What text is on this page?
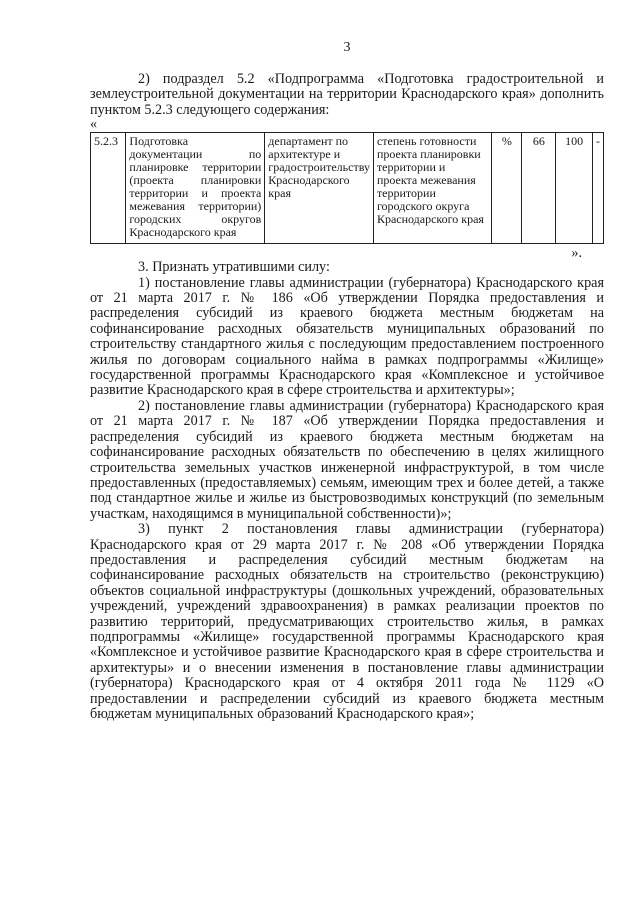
3

2) подраздел 5.2 «Подпрограмма «Подготовка градостроительной и землеустроительной документации на территории Краснодарского края» дополнить пунктом 5.2.3 следующего содержания:

«

5.2.3	Подготовка документации по планировке территории (проекта планировки территории и проекта межевания территории) городских округов Краснодарского края	департамент по архитектуре и градостроительству Краснодарского края	степень готовности проекта планировки территории и проекта межевания территории городского округа Краснодарского края	%	66	100	-

».

3. Признать утратившими силу:

1) постановление главы администрации (губернатора) Краснодарского края от 21 марта 2017 г. № 186 «Об утверждении Порядка предоставления и распределения субсидий из краевого бюджета местным бюджетам на софинансирование расходных обязательств муниципальных образований по строительству стандартного жилья с последующим предоставлением построенного жилья по договорам социального найма в рамках подпрограммы «Жилище» государственной программы Краснодарского края «Комплексное и устойчивое развитие Краснодарского края в сфере строительства и архитектуры»;

2) постановление главы администрации (губернатора) Краснодарского края от 21 марта 2017 г. № 187 «Об утверждении Порядка предоставления и распределения субсидий из краевого бюджета местным бюджетам на софинансирование расходных обязательств по обеспечению в целях жилищного строительства земельных участков инженерной инфраструктурой, в том числе предоставленных (предоставляемых) семьям, имеющим трех и более детей, а также под стандартное жилье и жилье из быстровозводимых конструкций (по земельным участкам, находящимся в муниципальной собственности)»;

3) пункт 2 постановления главы администрации (губернатора) Краснодарского края от 29 марта 2017 г. № 208 «Об утверждении Порядка предоставления и распределения субсидий местным бюджетам на софинансирование расходных обязательств на строительство (реконструкцию) объектов социальной инфраструктуры (дошкольных учреждений, образовательных учреждений, учреждений здравоохранения) в рамках реализации проектов по развитию территорий, предусматривающих строительство жилья, в рамках подпрограммы «Жилище» государственной программы Краснодарского края «Комплексное и устойчивое развитие Краснодарского края в сфере строительства и архитектуры» и о внесении изменения в постановление главы администрации (губернатора) Краснодарского края от 4 октября 2011 года № 1129 «О предоставлении и распределении субсидий из краевого бюджета местным бюджетам муниципальных образований Краснодарского края»;
